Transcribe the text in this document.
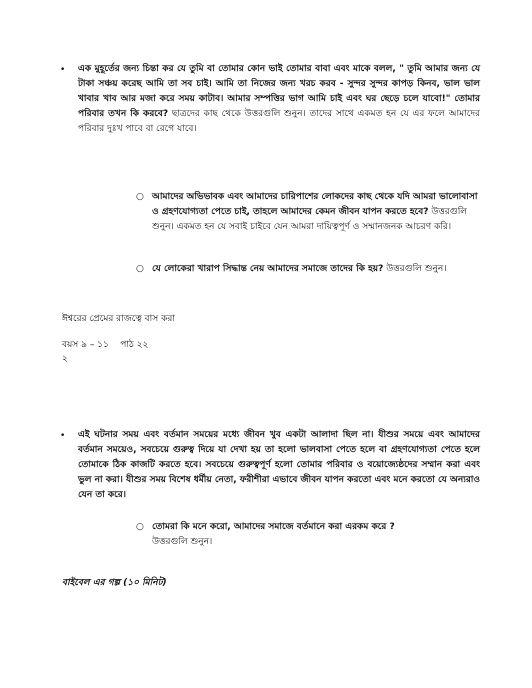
•	এক মুহূর্তের জন্য চিন্তা কর যে তুমি বা তোমার কোন ভাই তোমার বাবা এবং মাকে বলল, " তুমি আমার জন্য যে টাকা সঞ্চয় করেছ আমি তা সব চাই। আমি তা নিজের জন্য খরচ করব - সুন্দর সুন্দর কাপড় কিনব, ভাল ভাল খাবার খাব আর মজা করে সময় কাটাব। আমার সম্পত্তির ভাগ আমি চাই এবং ঘর ছেড়ে চলে যাবো!" তোমার পরিবার তখন কি করবে? ছাত্রদের কাছ থেকে উত্তরগুলি শুনুন। তাদের সাথে একমত হন যে এর ফলে আমাদের পরিবার দুঃখ পাবে বা রেগে যাবে।
○ আমাদের অভিভাবক এবং আমাদের চারিপাশের লোকদের কাছ থেকে যদি আমরা ভালোবাসা ও গ্রহণযোগ্যতা পেতে চাই, তাহলে আমাদের কেমন জীবন যাপন করতে হবে? উত্তরগুলি শুনুন। একমত হন যে সবাই চাইবে যেন আমরা দায়িত্বপূর্ণ ও সম্মানজনক আচরণ করি।
○ যে লোকেরা খারাপ সিদ্ধান্ত নেয় আমাদের সমাজে তাদের কি হয়? উত্তরগুলি শুনুন।
ঈশ্বরের প্রেমের রাজত্বে বাস করা
বয়স ৯ – ১১    পাঠ ২২
২
•	এই ঘটনার সময় এবং বর্তমান সময়ের মধ্যে জীবন খুব একটা আলাদা ছিল না। যীশুর সময়ে এবং আমাদের বর্তমান সময়েও, সবচেয়ে গুরুত্ব দিয়ে যা দেখা হয় তা হলো ভালবাসা পেতে হলে বা গ্রহণযোগ্যতা পেতে হলে তোমাকে ঠিক কাজটি করতে হবে। সবচেয়ে গুরুত্বপূর্ণ হলো তোমার পরিবার ও বয়োজ্যেষ্ঠদের সম্মান করা এবং ভুল না করা। যীশুর সময় বিশেষ ধর্মীয় নেতা, ফরীশীরা এভাবে জীবন যাপন করতো এবং মনে করতো যে অন্যরাও যেন তা করে।
○ তোমরা কি মনে করো, আমাদের সমাজে বর্তমানে করা এরকম করে ?
উত্তরগুলি শুনুন।
বাইবেল এর গল্প (১০ মিনিট)
